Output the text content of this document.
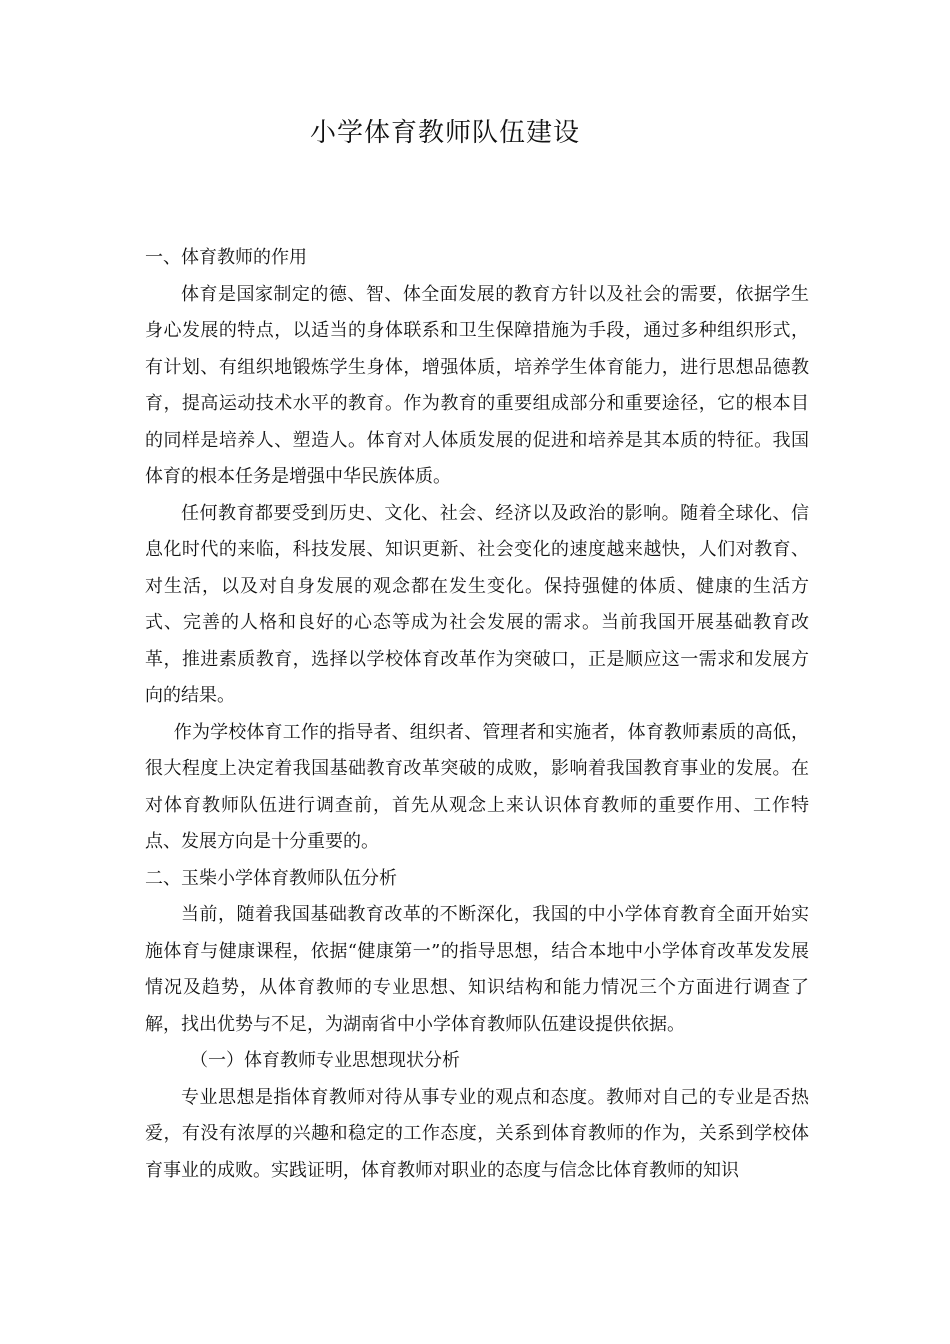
小学体育教师队伍建设

一、体育教师的作用

体育是国家制定的德、智、体全面发展的教育方针以及社会的需要，依据学生身心发展的特点，以适当的身体联系和卫生保障措施为手段，通过多种组织形式，有计划、有组织地锻炼学生身体，增强体质，培养学生体育能力，进行思想品德教育，提高运动技术水平的教育。作为教育的重要组成部分和重要途径，它的根本目的同样是培养人、塑造人。体育对人体质发展的促进和培养是其本质的特征。我国体育的根本任务是增强中华民族体质。

任何教育都要受到历史、文化、社会、经济以及政治的影响。随着全球化、信息化时代的来临，科技发展、知识更新、社会变化的速度越来越快，人们对教育、对生活，以及对自身发展的观念都在发生变化。保持强健的体质、健康的生活方式、完善的人格和良好的心态等成为社会发展的需求。当前我国开展基础教育改革，推进素质教育，选择以学校体育改革作为突破口，正是顺应这一需求和发展方向的结果。

作为学校体育工作的指导者、组织者、管理者和实施者，体育教师素质的高低，很大程度上决定着我国基础教育改革突破的成败，影响着我国教育事业的发展。在对体育教师队伍进行调查前，首先从观念上来认识体育教师的重要作用、工作特点、发展方向是十分重要的。

二、玉柴小学体育教师队伍分析

当前，随着我国基础教育改革的不断深化，我国的中小学体育教育全面开始实施体育与健康课程，依据“健康第一”的指导思想，结合本地中小学体育改革发发展情况及趋势，从体育教师的专业思想、知识结构和能力情况三个方面进行调查了解，找出优势与不足，为湖南省中小学体育教师队伍建设提供依据。

（一）体育教师专业思想现状分析

专业思想是指体育教师对待从事专业的观点和态度。教师对自己的专业是否热爱，有没有浓厚的兴趣和稳定的工作态度，关系到体育教师的作为，关系到学校体育事业的成败。实践证明，体育教师对职业的态度与信念比体育教师的知识
